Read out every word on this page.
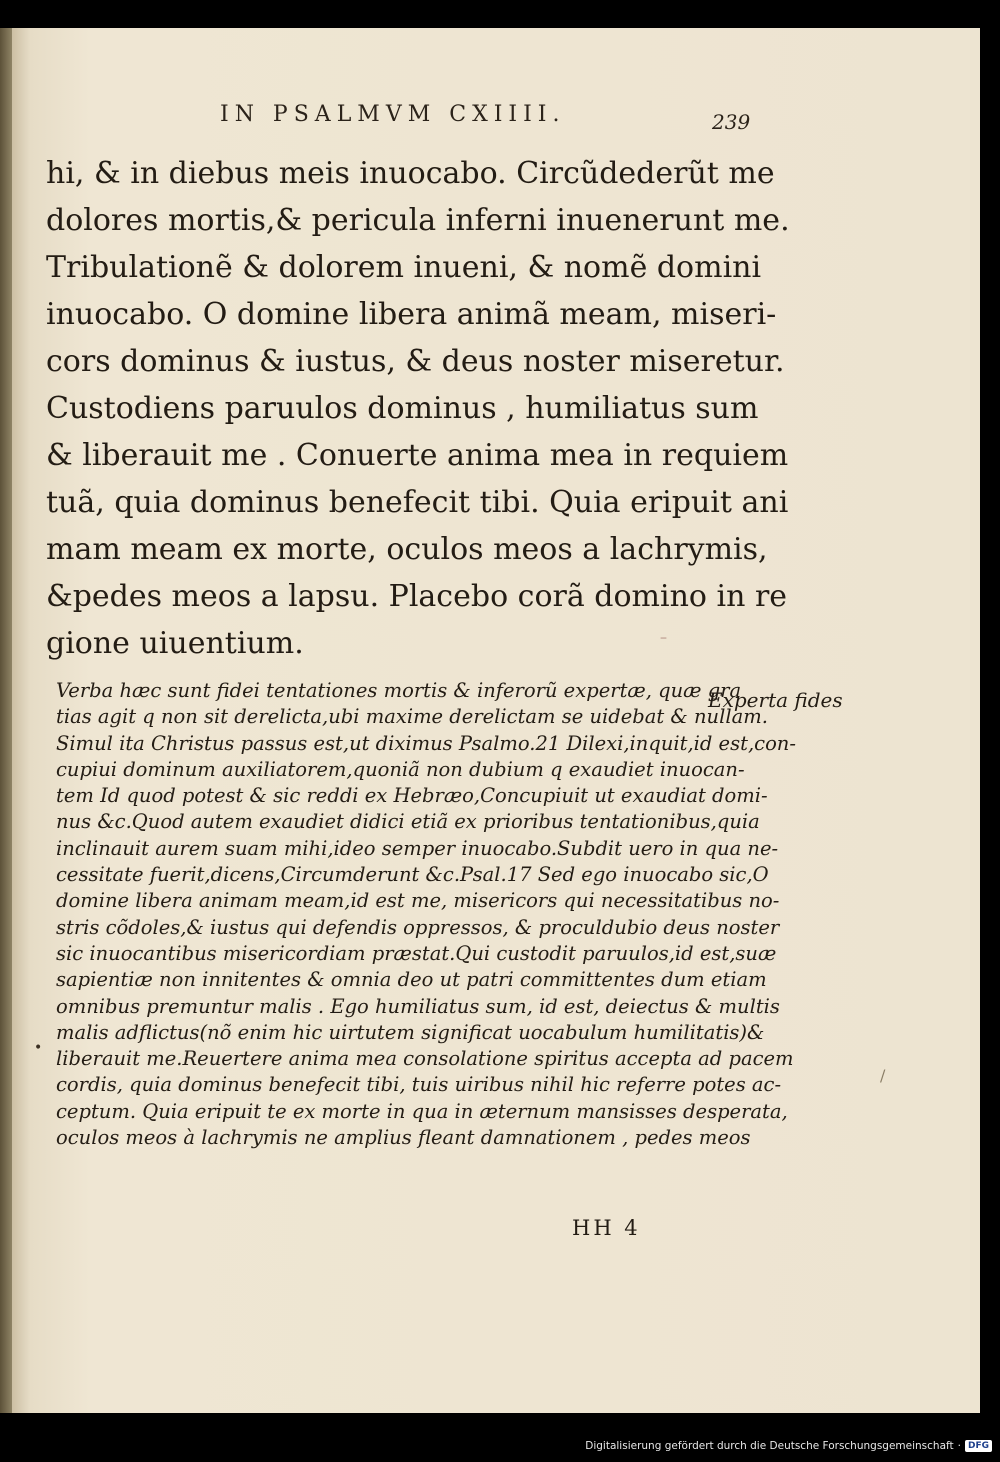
IN PSALMVM CXIIII.	239
hi, & in diebus meis inuocabo. Circũdederũt me
dolores mortis,& pericula inferni inuenerunt me.
Tribulationẽ & dolorem inueni, & nomẽ domini
inuocabo. O domine libera animã meam, miseri-
cors dominus & iustus, & deus noster miseretur.
Custodiens paruulos dominus , humiliatus sum
& liberauit me . Conuerte anima mea in requiem
tuã, quia dominus benefecit tibi. Quia eripuit ani
mam meam ex morte, oculos meos a lachrymis,
&pedes meos a lapsu. Placebo corã domino in re
gione uiuentium.
Experta fides
Verba hæc sunt fidei tentationes mortis & inferorũ expertæ, quæ gra
tias agit q non sit derelicta,ubi maxime derelictam se uidebat & nullam.
Simul ita Christus passus est,ut diximus Psalmo.21 Dilexi,inquit,id est,con-
cupiui dominum auxiliatorem,quoniã non dubium q exaudiet inuocan-
tem Id quod potest & sic reddi ex Hebræo,Concupiuit ut exaudiat domi-
nus &c.Quod autem exaudiet didici etiã ex prioribus tentationibus,quia
inclinauit aurem suam mihi,ideo semper inuocabo.Subdit uero in qua ne-
cessitate fuerit,dicens,Circumderunt &c.Psal.17 Sed ego inuocabo sic,O
domine libera animam meam,id est me, misericors qui necessitatibus no-
stris cõdoles,& iustus qui defendis oppressos, & proculdubio deus noster
sic inuocantibus misericordiam præstat.Qui custodit paruulos,id est,suæ
sapientiæ non innitentes & omnia deo ut patri committentes dum etiam
omnibus premuntur malis . Ego humiliatus sum, id est, deiectus & multis
malis adflictus(nõ enim hic uirtutem significat uocabulum humilitatis)&
liberauit me.Reuertere anima mea consolatione spiritus accepta ad pacem
cordis, quia dominus benefecit tibi, tuis uiribus nihil hic referre potes ac-
ceptum. Quia eripuit te ex morte in qua in æternum mansisses desperata,
oculos meos à lachrymis ne amplius fleant damnationem , pedes meos
HH 4
•
–
/
Digitalisierung gefördert durch die Deutsche Forschungsgemeinschaft · DFG
